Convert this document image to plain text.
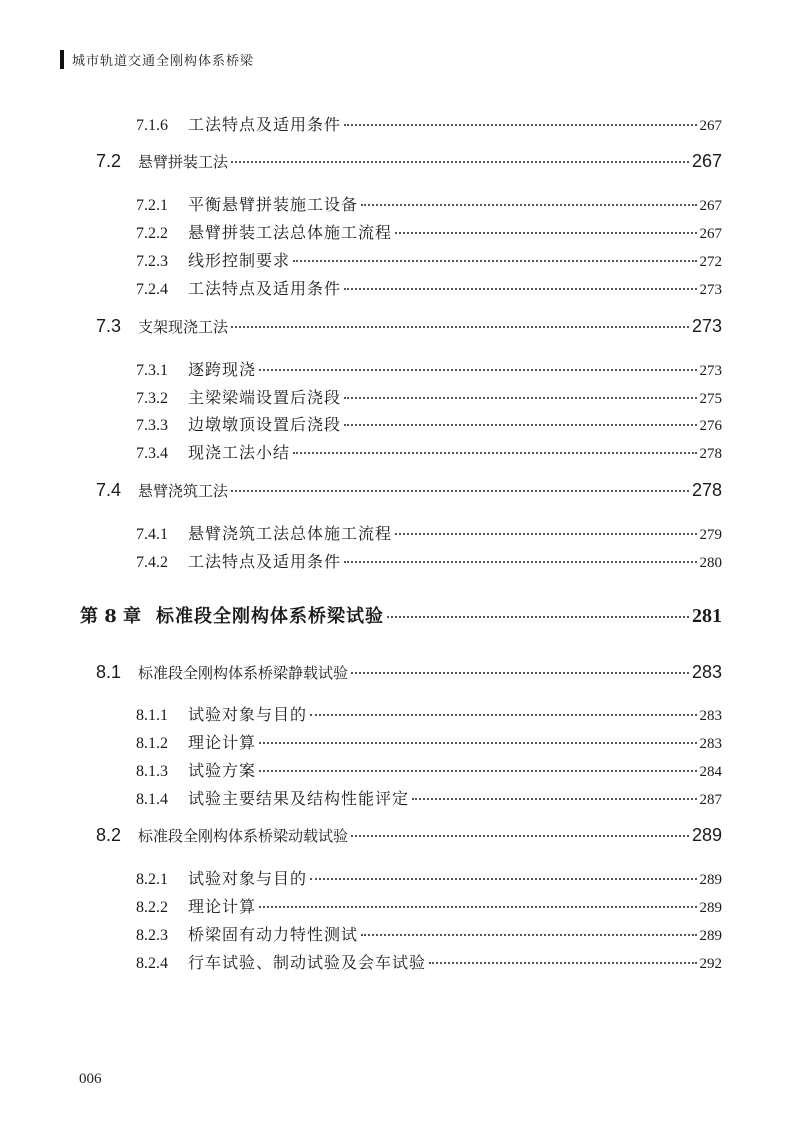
城市轨道交通全刚构体系桥梁
7.1.6	工法特点及适用条件	267
7.2	悬臂拼装工法	267
7.2.1	平衡悬臂拼装施工设备	267
7.2.2	悬臂拼装工法总体施工流程	267
7.2.3	线形控制要求	272
7.2.4	工法特点及适用条件	273
7.3	支架现浇工法	273
7.3.1	逐跨现浇	273
7.3.2	主梁梁端设置后浇段	275
7.3.3	边墩墩顶设置后浇段	276
7.3.4	现浇工法小结	278
7.4	悬臂浇筑工法	278
7.4.1	悬臂浇筑工法总体施工流程	279
7.4.2	工法特点及适用条件	280
第 8 章 标准段全刚构体系桥梁试验	281
8.1	标准段全刚构体系桥梁静载试验	283
8.1.1	试验对象与目的	283
8.1.2	理论计算	283
8.1.3	试验方案	284
8.1.4	试验主要结果及结构性能评定	287
8.2	标准段全刚构体系桥梁动载试验	289
8.2.1	试验对象与目的	289
8.2.2	理论计算	289
8.2.3	桥梁固有动力特性测试	289
8.2.4	行车试验、制动试验及会车试验	292
006
